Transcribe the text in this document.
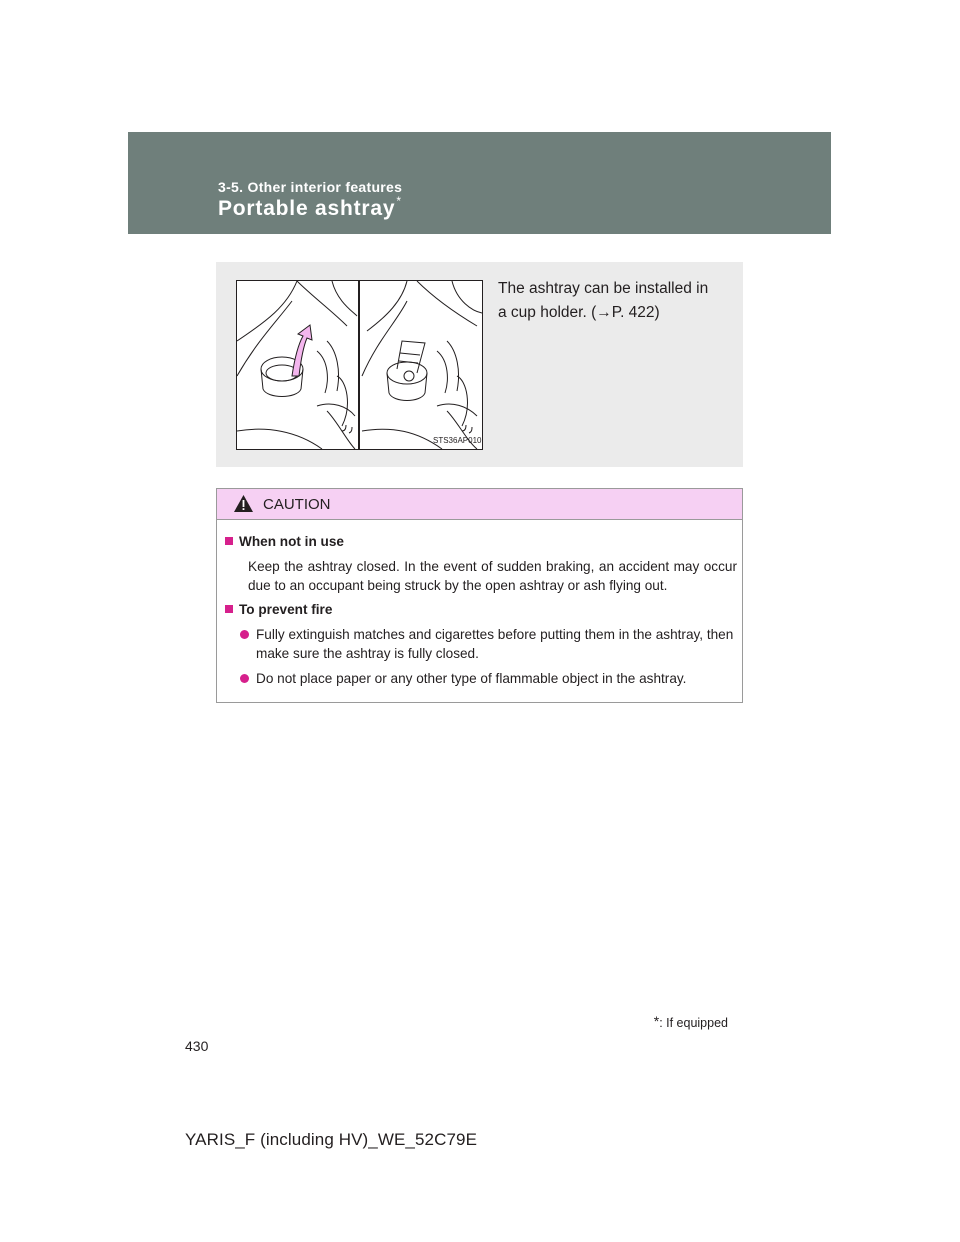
3-5. Other interior features
Portable ashtray*
STS36AP010
The ashtray can be installed in
a cup holder. (→P. 422)
CAUTION
When not in use
Keep the ashtray closed. In the event of sudden braking, an accident may occur due to an occupant being struck by the open ashtray or ash flying out.
To prevent fire
Fully extinguish matches and cigarettes before putting them in the ashtray, then make sure the ashtray is fully closed.
Do not place paper or any other type of flammable object in the ashtray.
*: If equipped
430
YARIS_F (including HV)_WE_52C79E
